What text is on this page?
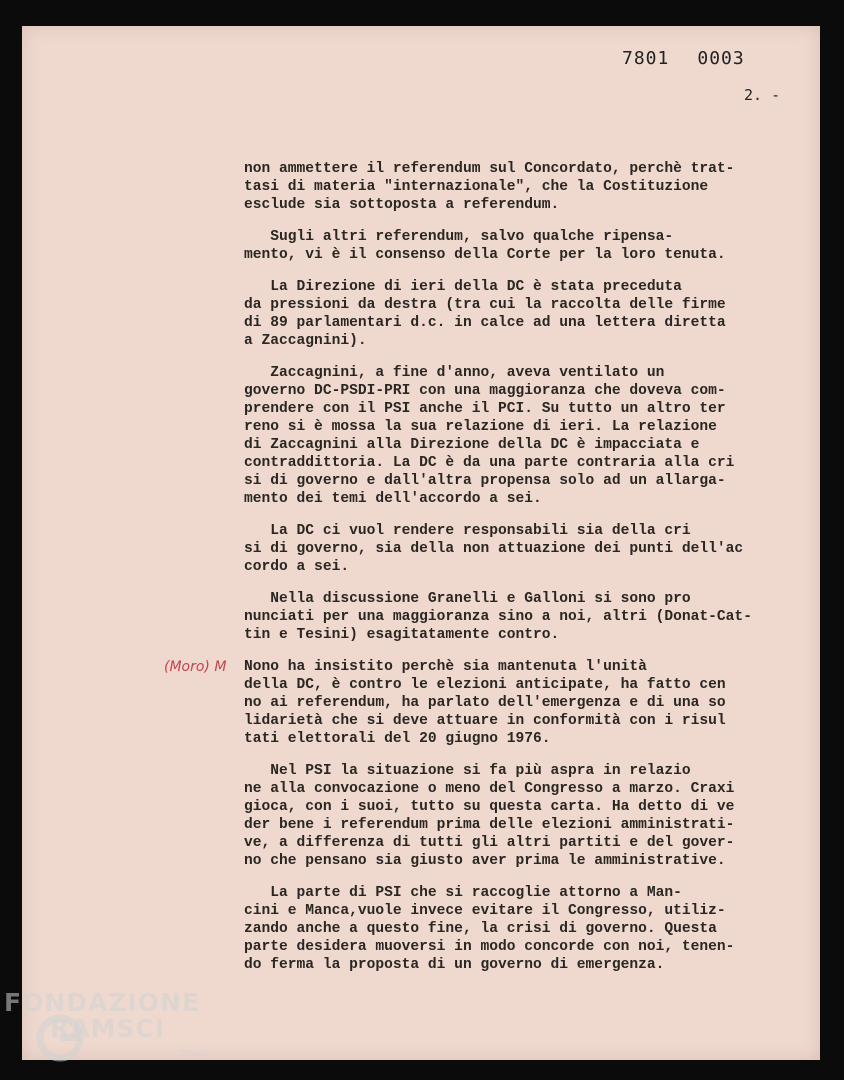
7801 0003
2. -
non ammettere il referendum sul Concordato, perchè trat-
tasi di materia "internazionale", che la Costituzione
esclude sia sottoposta a referendum.
Sugli altri referendum, salvo qualche ripensa-
mento, vi è il consenso della Corte per la loro tenuta.
La Direzione di ieri della DC è stata preceduta
da pressioni da destra (tra cui la raccolta delle firme
di 89 parlamentari d.c. in calce ad una lettera diretta
a Zaccagnini).
Zaccagnini, a fine d'anno, aveva ventilato un
governo DC-PSDI-PRI con una maggioranza che doveva com-
prendere con il PSI anche il PCI. Su tutto un altro ter
reno si è mossa la sua relazione di ieri. La relazione
di Zaccagnini alla Direzione della DC è impacciata e
contraddittoria. La DC è da una parte contraria alla cri
si di governo e dall'altra propensa solo ad un allarga-
mento dei temi dell'accordo a sei.
La DC ci vuol rendere responsabili sia della cri
si di governo, sia della non attuazione dei punti dell'ac
cordo a sei.
Nella discussione Granelli e Galloni si sono pro
nunciati per una maggioranza sino a noi, altri (Donat-Cat-
tin e Tesini) esagitatamente contro.
(Moro) M Nono ha insistito perchè sia mantenuta l'unità
della DC, è contro le elezioni anticipate, ha fatto cen
no ai referendum, ha parlato dell'emergenza e di una so
lidarietà che si deve attuare in conformità con i risul
tati elettorali del 20 giugno 1976.
Nel PSI la situazione si fa più aspra in relazio
ne alla convocazione o meno del Congresso a marzo. Craxi
gioca, con i suoi, tutto su questa carta. Ha detto di ve
der bene i referendum prima delle elezioni amministrati-
ve, a differenza di tutti gli altri partiti e del gover-
no che pensano sia giusto aver prima le amministrative.
La parte di PSI che si raccoglie attorno a Man-
cini e Manca,vuole invece evitare il Congresso, utiliz-
zando anche a questo fine, la crisi di governo. Questa
parte desidera muoversi in modo concorde con noi, tenen-
do ferma la proposta di un governo di emergenza.
FONDAZIONE
RAMSCI
onlus
